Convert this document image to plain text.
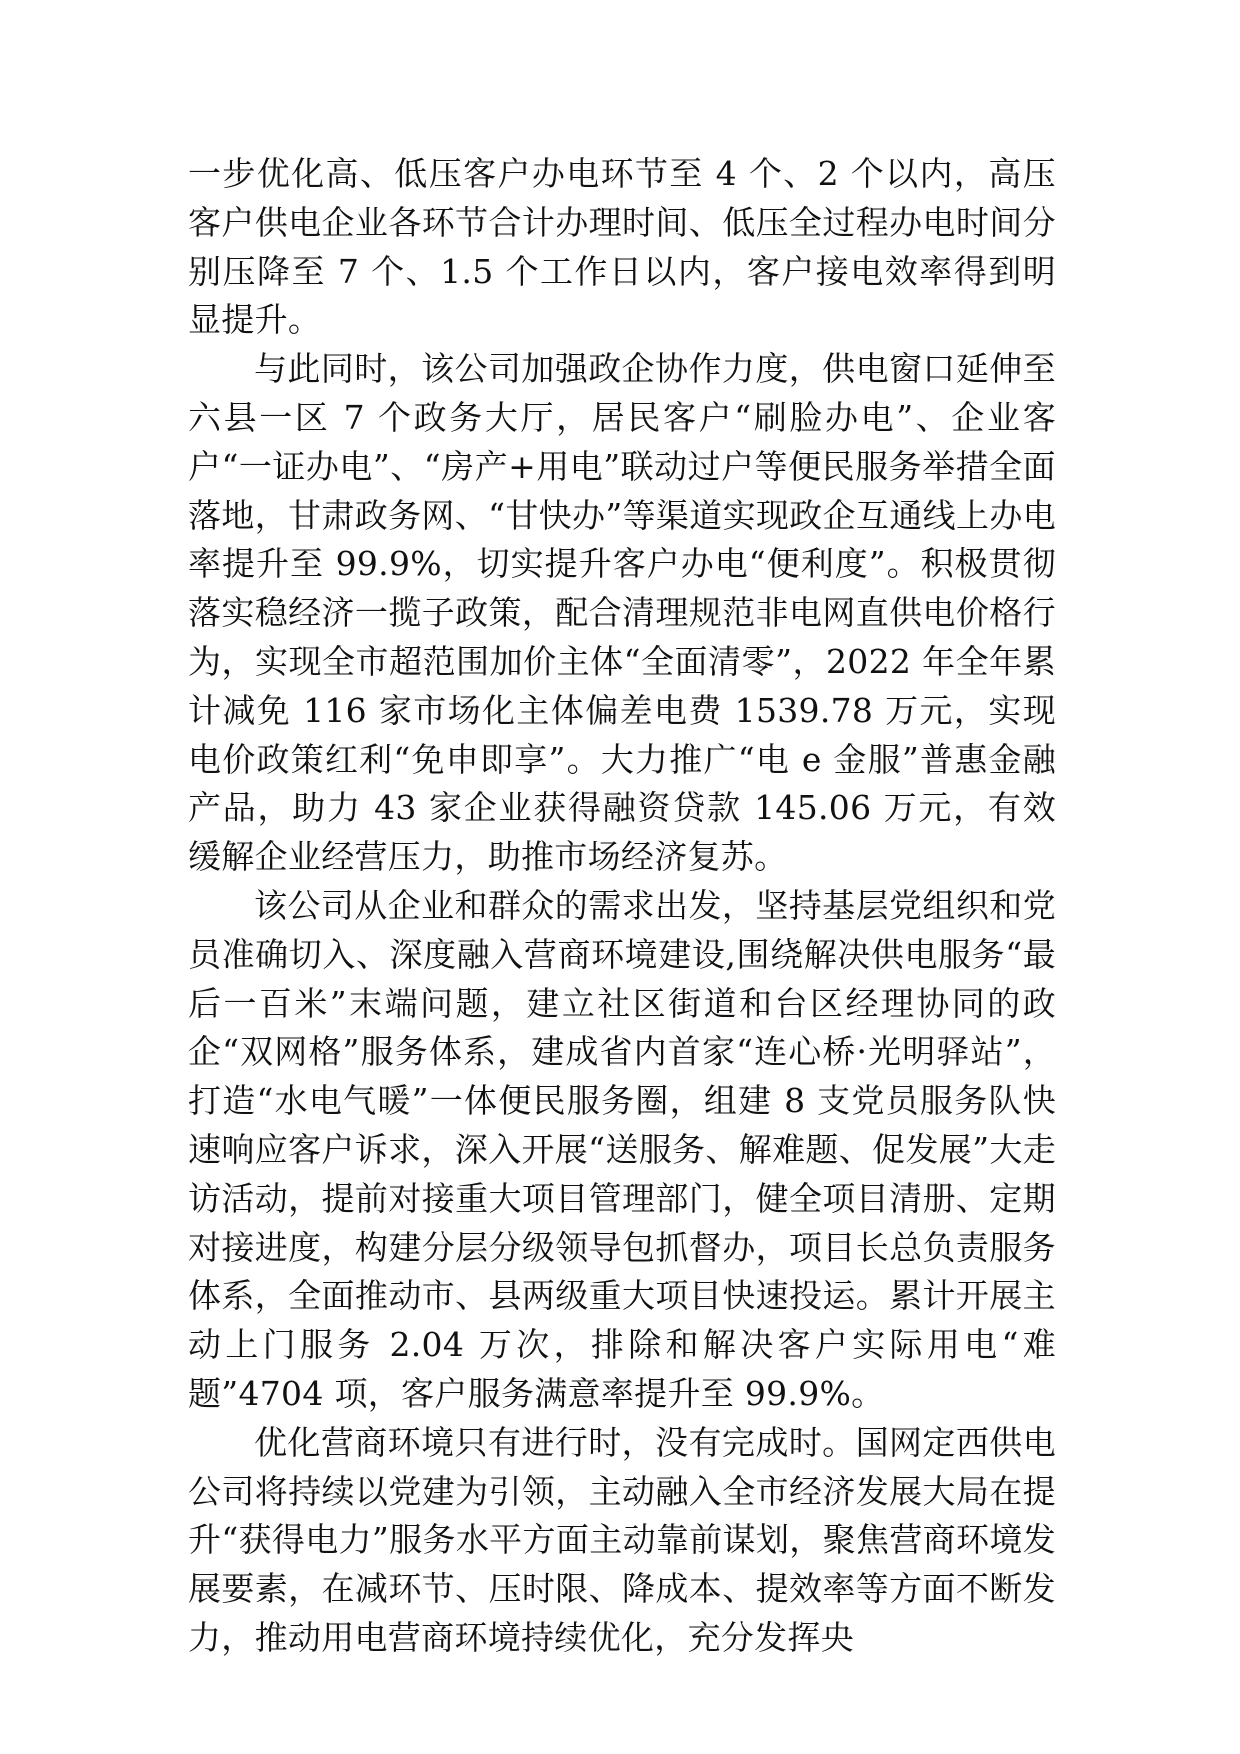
一步优化高、低压客户办电环节至 4 个、2 个以内，高压客户供电企业各环节合计办理时间、低压全过程办电时间分别压降至 7 个、1.5 个工作日以内，客户接电效率得到明显提升。

与此同时，该公司加强政企协作力度，供电窗口延伸至六县一区 7 个政务大厅，居民客户“刷脸办电”、企业客户“一证办电”、“房产+用电”联动过户等便民服务举措全面落地，甘肃政务网、“甘快办”等渠道实现政企互通线上办电率提升至 99.9%，切实提升客户办电“便利度”。积极贯彻落实稳经济一揽子政策，配合清理规范非电网直供电价格行为，实现全市超范围加价主体“全面清零”，2022 年全年累计减免 116 家市场化主体偏差电费 1539.78 万元，实现电价政策红利“免申即享”。大力推广“电 e 金服”普惠金融产品，助力 43 家企业获得融资贷款 145.06 万元，有效缓解企业经营压力，助推市场经济复苏。

该公司从企业和群众的需求出发，坚持基层党组织和党员准确切入、深度融入营商环境建设,围绕解决供电服务“最后一百米”末端问题，建立社区街道和台区经理协同的政企“双网格”服务体系，建成省内首家“连心桥·光明驿站”，打造“水电气暖”一体便民服务圈，组建 8 支党员服务队快速响应客户诉求，深入开展“送服务、解难题、促发展”大走访活动，提前对接重大项目管理部门，健全项目清册、定期对接进度，构建分层分级领导包抓督办，项目长总负责服务体系，全面推动市、县两级重大项目快速投运。累计开展主动上门服务 2.04 万次，排除和解决客户实际用电“难题”4704 项，客户服务满意率提升至 99.9%。

优化营商环境只有进行时，没有完成时。国网定西供电公司将持续以党建为引领，主动融入全市经济发展大局在提升“获得电力”服务水平方面主动靠前谋划，聚焦营商环境发展要素，在减环节、压时限、降成本、提效率等方面不断发力，推动用电营商环境持续优化，充分发挥央
